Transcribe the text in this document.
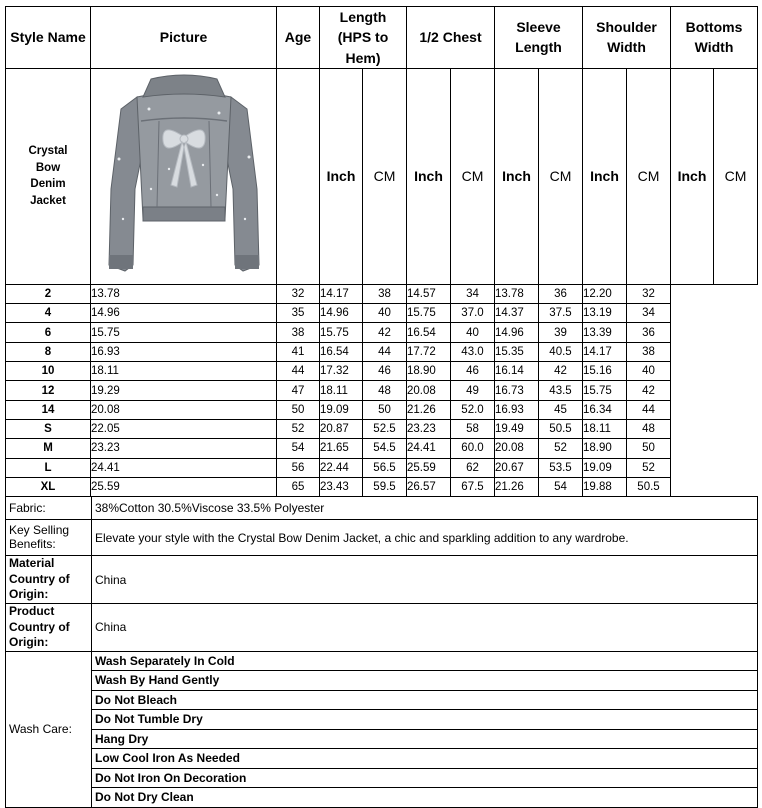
Style Name	Picture	Age	Length (HPS to Hem)		1/2 Chest		Sleeve Length		Shoulder Width		Bottoms Width	
Crystal Bow Denim Jacket			Inch	CM	Inch	CM	Inch	CM	Inch	CM	Inch	CM
2	13.78	32	14.17	38	14.57	34	13.78	36	12.20	32		
4	14.96	35	14.96	40	15.75	37.0	14.37	37.5	13.19	34		
6	15.75	38	15.75	42	16.54	40	14.96	39	13.39	36		
8	16.93	41	16.54	44	17.72	43.0	15.35	40.5	14.17	38		
10	18.11	44	17.32	46	18.90	46	16.14	42	15.16	40		
12	19.29	47	18.11	48	20.08	49	16.73	43.5	15.75	42		
14	20.08	50	19.09	50	21.26	52.0	16.93	45	16.34	44		
S	22.05	52	20.87	52.5	23.23	58	19.49	50.5	18.11	48		
M	23.23	54	21.65	54.5	24.41	60.0	20.08	52	18.90	50		
L	24.41	56	22.44	56.5	25.59	62	20.67	53.5	19.09	52		
XL	25.59	65	23.43	59.5	26.57	67.5	21.26	54	19.88	50.5		
Fabric:	38%Cotton 30.5%Viscose 33.5% Polyester
Key Selling Benefits:	Elevate your style with the Crystal Bow Denim Jacket, a chic and sparkling addition to any wardrobe.
Material Country of Origin:	China
Product Country of Origin:	China
Wash Care:	Wash Separately In Cold
	Wash By Hand Gently
	Do Not Bleach
	Do Not Tumble Dry
	Hang Dry
	Low Cool Iron As Needed
	Do Not Iron On Decoration
	Do Not Dry Clean
